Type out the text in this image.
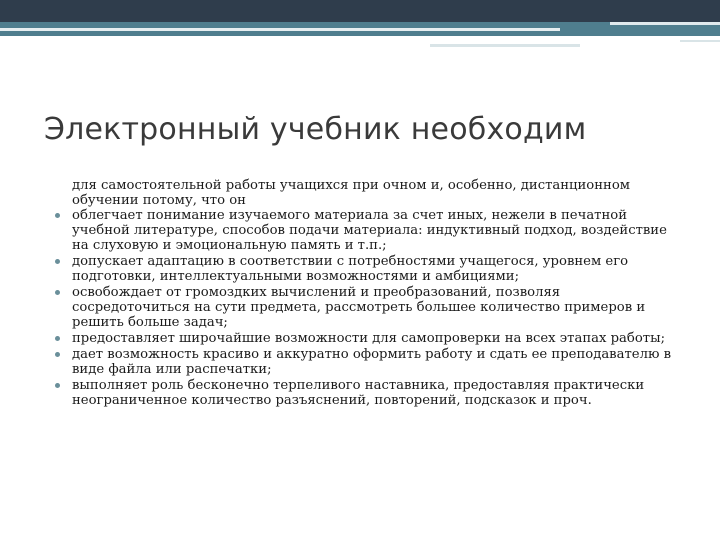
Электронный учебник необходим

для самостоятельной работы учащихся при очном и, особенно, дистанционном обучении потому, что он

облегчает понимание изучаемого материала за счет иных, нежели в печатной учебной литературе, способов подачи материала: индуктивный подход, воздействие на слуховую и эмоциональную память и т.п.;
допускает адаптацию в соответствии с потребностями учащегося, уровнем его подготовки, интеллектуальными возможностями и амбициями;
освобождает от громоздких вычислений и преобразований, позволяя сосредоточиться на сути предмета, рассмотреть большее количество примеров и решить больше задач;
предоставляет широчайшие возможности для самопроверки на всех этапах работы;
дает возможность красиво и аккуратно оформить работу и сдать ее преподавателю в виде файла или распечатки;
выполняет роль бесконечно терпеливого наставника, предоставляя практически неограниченное количество разъяснений, повторений, подсказок и проч.
